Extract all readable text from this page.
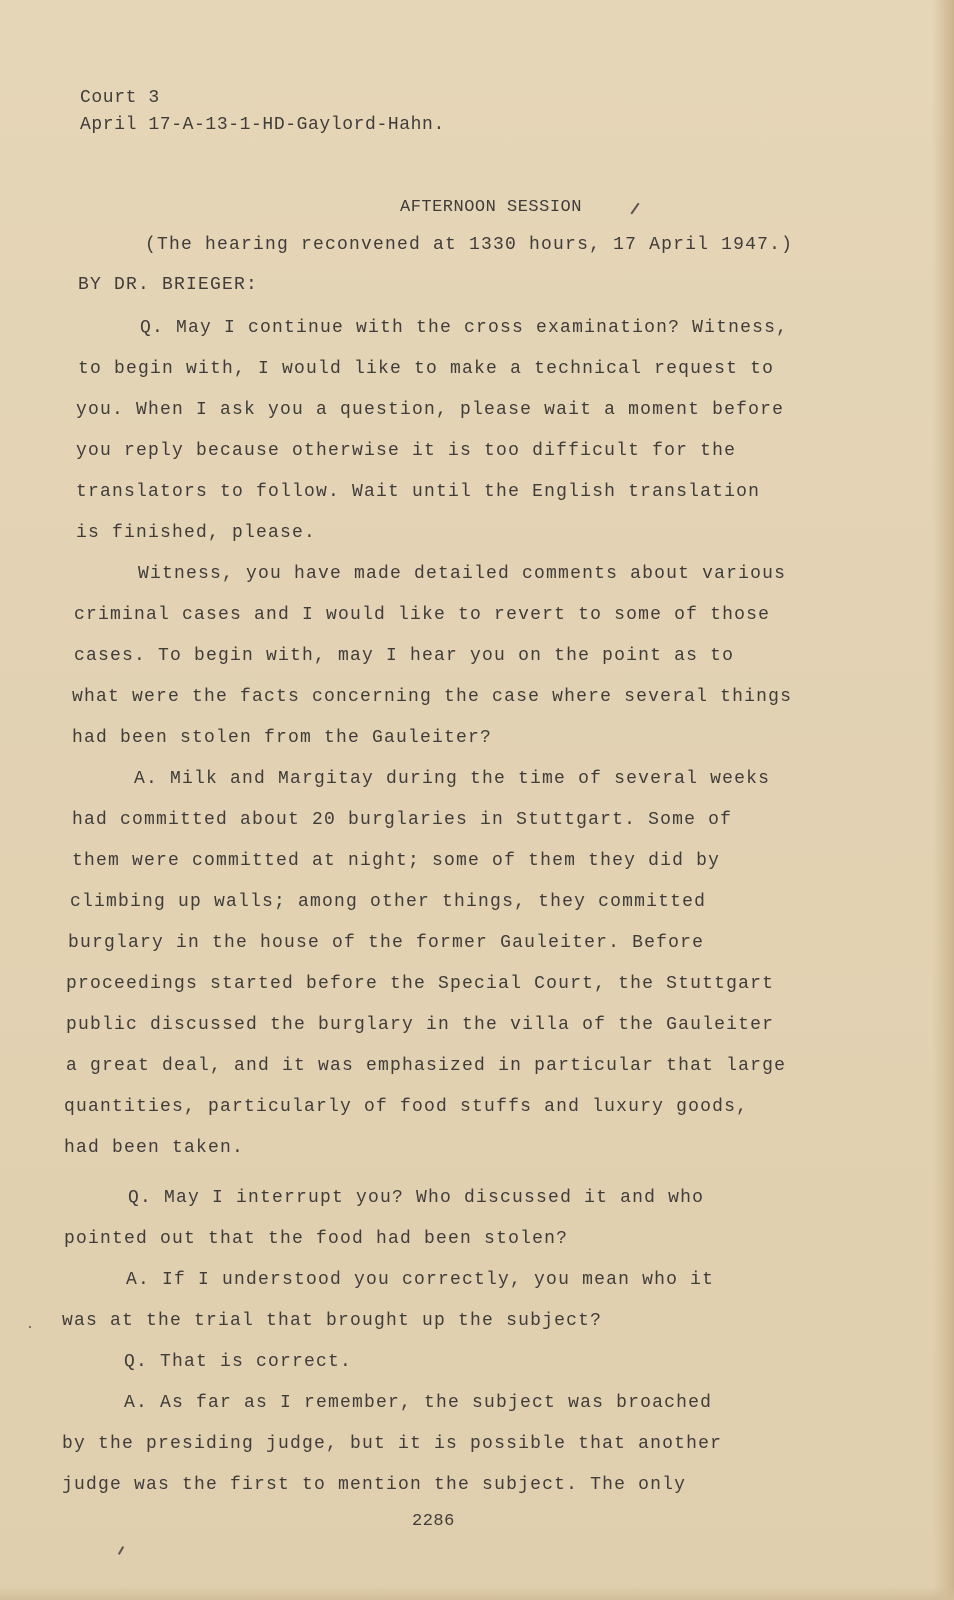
Court 3
April 17-A-13-1-HD-Gaylord-Hahn.
AFTERNOON SESSION
(The hearing reconvened at 1330 hours, 17 April 1947.)
BY DR. BRIEGER:
Q. May I continue with the cross examination? Witness,
to begin with, I would like to make a technical request to
you. When I ask you a question, please wait a moment before
you reply because otherwise it is too difficult for the
translators to follow. Wait until the English translation
is finished, please.
Witness, you have made detailed comments about various
criminal cases and I would like to revert to some of those
cases. To begin with, may I hear you on the point as to
what were the facts concerning the case where several things
had been stolen from the Gauleiter?
A. Milk and Margitay during the time of several weeks
had committed about 20 burglaries in Stuttgart. Some of
them were committed at night; some of them they did by
climbing up walls; among other things, they committed
burglary in the house of the former Gauleiter. Before
proceedings started before the Special Court, the Stuttgart
public discussed the burglary in the villa of the Gauleiter
a great deal, and it was emphasized in particular that large
quantities, particularly of food stuffs and luxury goods,
had been taken.
Q. May I interrupt you? Who discussed it and who
pointed out that the food had been stolen?
A. If I understood you correctly, you mean who it
was at the trial that brought up the subject?
Q. That is correct.
A. As far as I remember, the subject was broached
by the presiding judge, but it is possible that another
judge was the first to mention the subject. The only
2286
